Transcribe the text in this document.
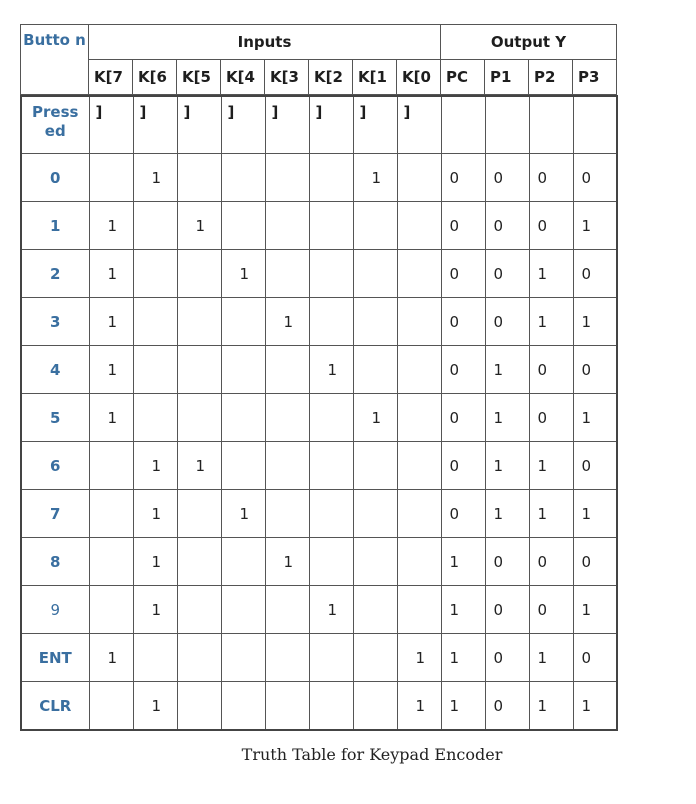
Butto n	Inputs								Output Y			
	K[7	K[6	K[5	K[4	K[3	K[2	K[1	K[0	PC	P1	P2	P3
Press ed	]	]	]	]	]	]	]	]				
0		1					1		0	0	0	0
1	1		1						0	0	0	1
2	1			1					0	0	1	0
3	1				1				0	0	1	1
4	1					1			0	1	0	0
5	1						1		0	1	0	1
6		1	1						0	1	1	0
7		1		1					0	1	1	1
8		1			1				1	0	0	0
9		1				1			1	0	0	1
ENT	1							1	1	0	1	0
CLR		1						1	1	0	1	1
Truth Table for Keypad Encoder
